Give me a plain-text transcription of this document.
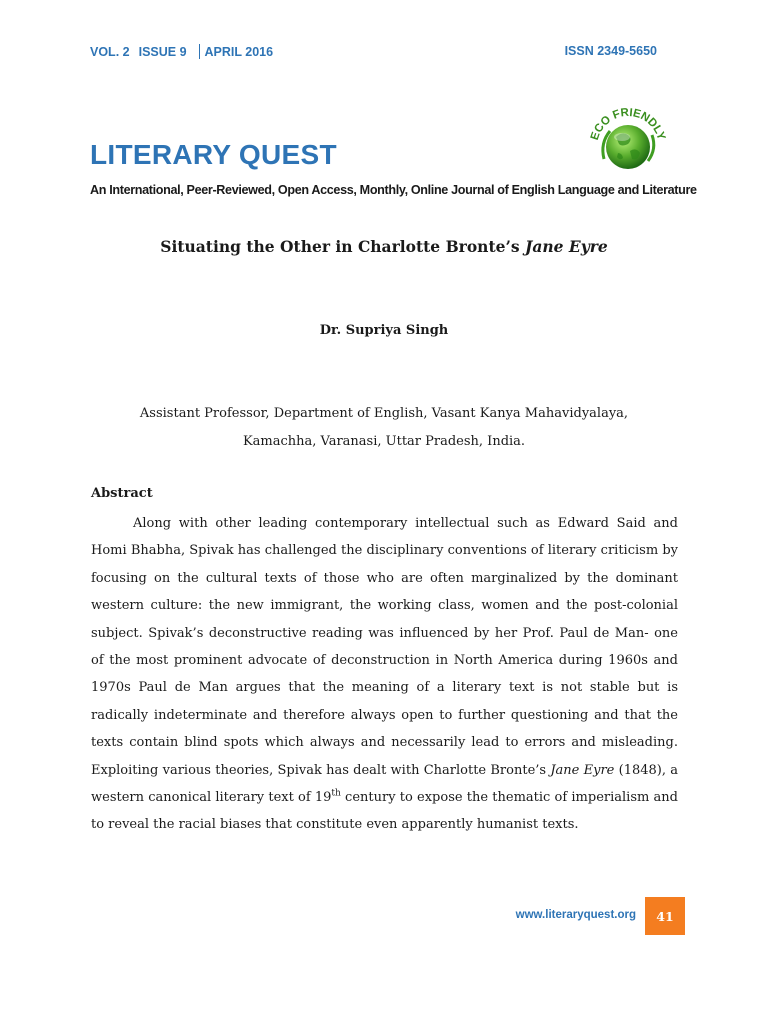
VOL. 2 ISSUE 9 APRIL 2016	ISSN 2349-5650
ECO FRIENDLY
LITERARY QUEST
An International, Peer-Reviewed, Open Access, Monthly, Online Journal of English Language and Literature
Situating the Other in Charlotte Bronte’s Jane Eyre
Dr. Supriya Singh
Assistant Professor, Department of English, Vasant Kanya Mahavidyalaya,
Kamachha, Varanasi, Uttar Pradesh, India.
Abstract

Along with other leading contemporary intellectual such as Edward Said and Homi Bhabha, Spivak has challenged the disciplinary conventions of literary criticism by focusing on the cultural texts of those who are often marginalized by the dominant western culture: the new immigrant, the working class, women and the post-colonial subject. Spivak’s deconstructive reading was influenced by her Prof. Paul de Man- one of the most prominent advocate of deconstruction in North America during 1960s and 1970s Paul de Man argues that the meaning of a literary text is not stable but is radically indeterminate and therefore always open to further questioning and that the texts contain blind spots which always and necessarily lead to errors and misleading. Exploiting various theories, Spivak has dealt with Charlotte Bronte’s Jane Eyre (1848), a western canonical literary text of 19th century to expose the thematic of imperialism and to reveal the racial biases that constitute even apparently humanist texts.

www.literaryquest.org	41
